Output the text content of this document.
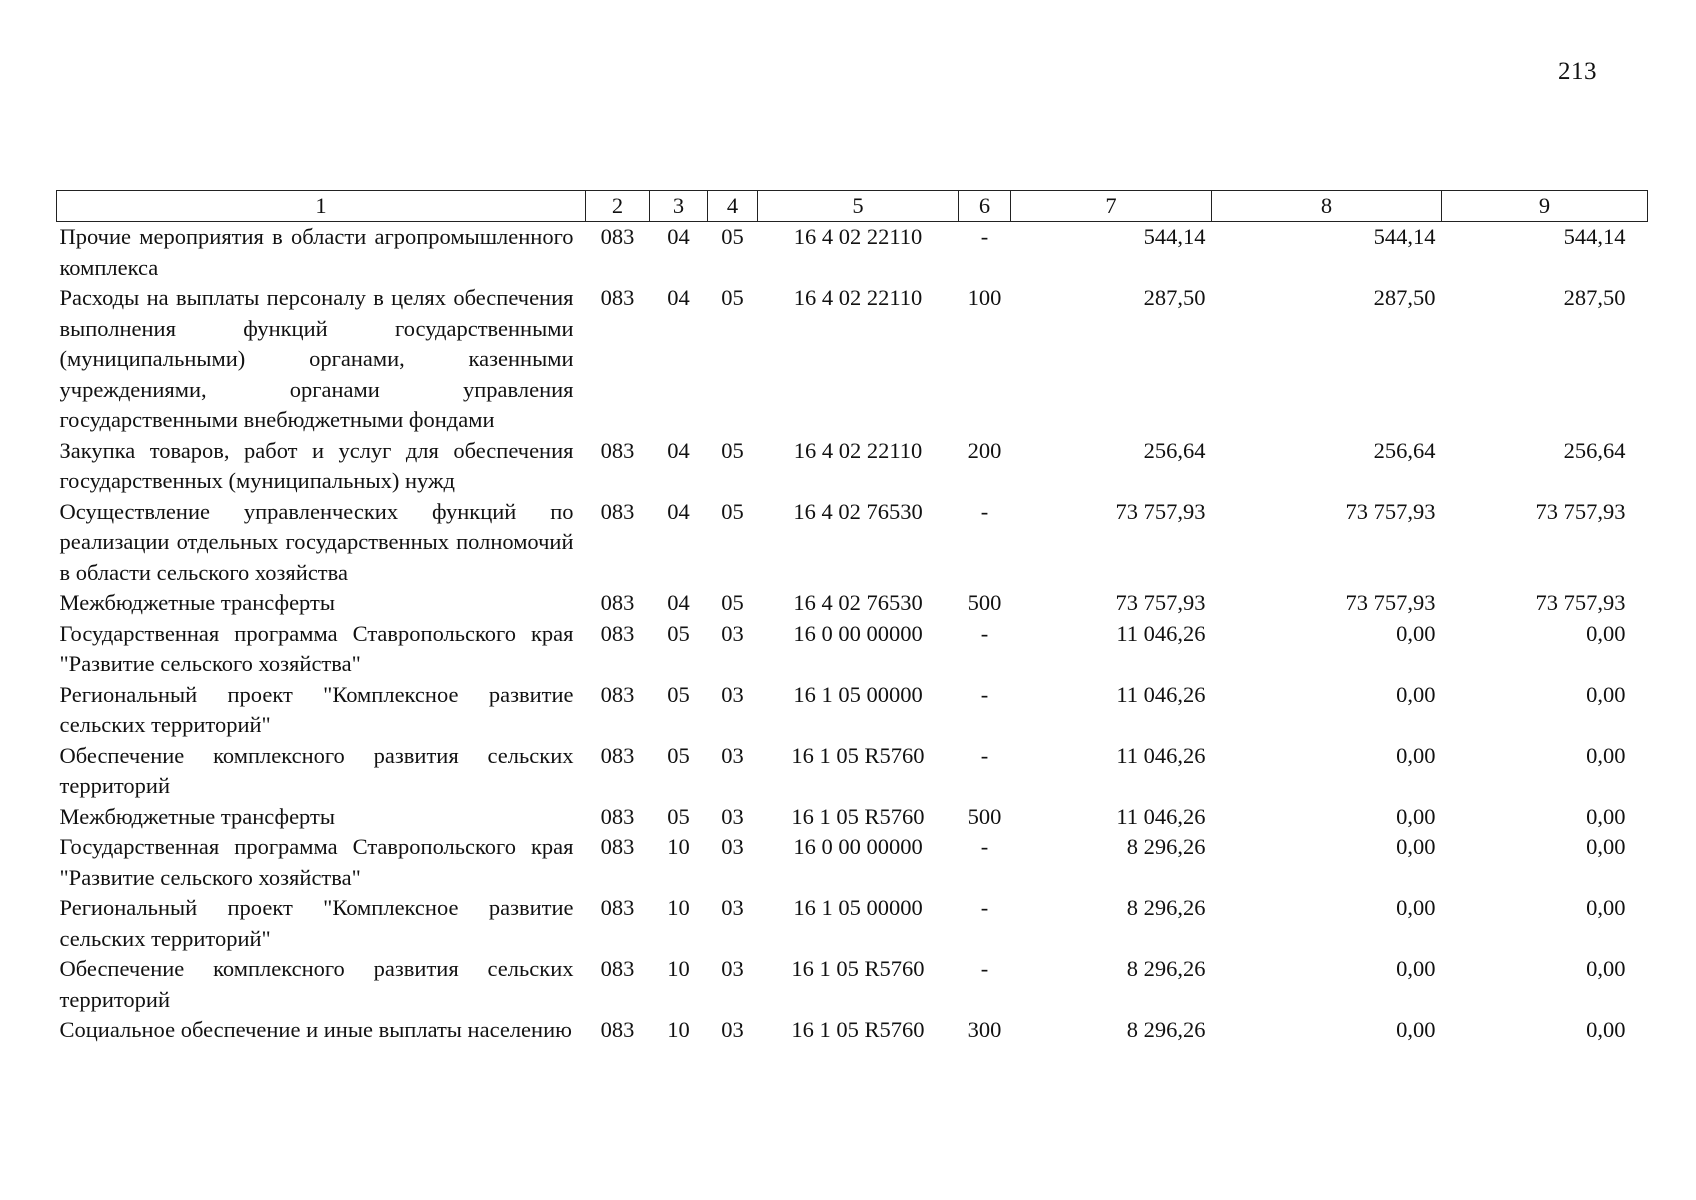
213
1	2	3	4	5	6	7	8	9
Прочие мероприятия в области агропромышленного комплекса	083	04	05	16 4 02 22110	-	544,14	544,14	544,14
Расходы на выплаты персоналу в целях обеспечения выполнения функций государственными (муниципальными) органами, казенными учреждениями, органами управления государственными внебюджетными фондами	083	04	05	16 4 02 22110	100	287,50	287,50	287,50
Закупка товаров, работ и услуг для обеспечения государственных (муниципальных) нужд	083	04	05	16 4 02 22110	200	256,64	256,64	256,64
Осуществление управленческих функций по реализации отдельных государственных полномочий в области сельского хозяйства	083	04	05	16 4 02 76530	-	73 757,93	73 757,93	73 757,93
Межбюджетные трансферты	083	04	05	16 4 02 76530	500	73 757,93	73 757,93	73 757,93
Государственная программа Ставропольского края "Развитие сельского хозяйства"	083	05	03	16 0 00 00000	-	11 046,26	0,00	0,00
Региональный проект "Комплексное развитие сельских территорий"	083	05	03	16 1 05 00000	-	11 046,26	0,00	0,00
Обеспечение комплексного развития сельских территорий	083	05	03	16 1 05 R5760	-	11 046,26	0,00	0,00
Межбюджетные трансферты	083	05	03	16 1 05 R5760	500	11 046,26	0,00	0,00
Государственная программа Ставропольского края "Развитие сельского хозяйства"	083	10	03	16 0 00 00000	-	8 296,26	0,00	0,00
Региональный проект "Комплексное развитие сельских территорий"	083	10	03	16 1 05 00000	-	8 296,26	0,00	0,00
Обеспечение комплексного развития сельских территорий	083	10	03	16 1 05 R5760	-	8 296,26	0,00	0,00
Социальное обеспечение и иные выплаты населению	083	10	03	16 1 05 R5760	300	8 296,26	0,00	0,00
